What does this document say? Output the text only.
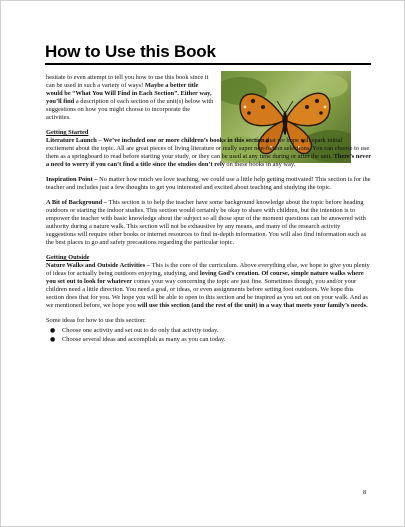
How to Use this Book

hesitate to even attempt to tell you how to use this book since it can be used in such a variety of ways! Maybe a better title would be “What You Will Find in Each Section”. Either way, you’ll find a description of each section of the unit(s) below with suggestions on how you might choose to incorporate the activities.

Getting Started
Literature Launch – We’ve included one or more children’s books in this section that we hope will spark initial excitement about the topic. All are great pieces of living literature or really super non-fiction selections. You can choose to use them as a springboard to read before starting your study, or they can be used at any time during or after the unit. There’s never a need to worry if you can’t find a title since the studies don’t rely on these books in any way.

Inspiration Point – No matter how much we love teaching, we could use a little help getting motivated! This section is for the teacher and includes just a few thoughts to get you interested and excited about teaching and studying the topic.

A Bit of Background – This section is to help the teacher have some background knowledge about the topic before heading outdoors or starting the indoor studies. This section would certainly be okay to share with children, but the intention is to empower the teacher with basic knowledge about the subject so all those spur of the moment questions can be answered with authority during a nature walk. This section will not be exhaustive by any means, and many of the research activity suggestions will require other books or internet resources to find in-depth information. You will also find information such as the best places to go and safety precautions regarding the particular topic.

Getting Outside
Nature Walks and Outside Activities – This is the core of the curriculum. Above everything else, we hope to give you plenty of ideas for actually being outdoors enjoying, studying, and loving God’s creation. Of course, simple nature walks where you set out to look for whatever comes your way concerning the topic are just fine. Sometimes though, you and/or your children need a little direction. You need a goal, or ideas, or even assignments before setting foot outdoors. We hope this section does that for you. We hope you will be able to open to this section and be inspired as you set out on your walk. And as we mentioned before, we hope you will use this section (and the rest of the unit) in a way that meets your family’s needs.

Some ideas for how to use this section:

● Choose one activity and set out to do only that activity today.
● Choose several ideas and accomplish as many as you can today.
8
